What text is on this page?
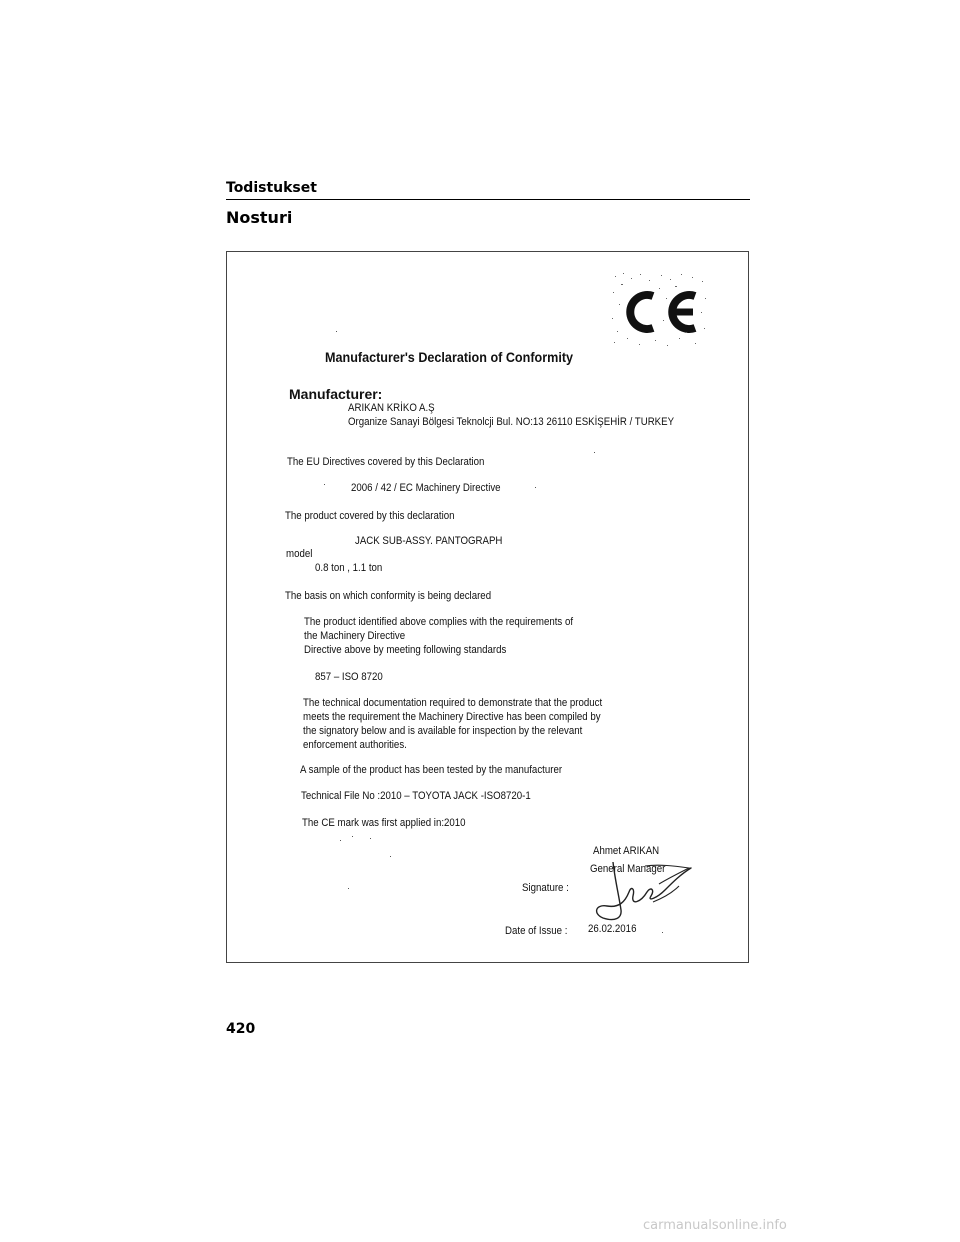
Todistukset
Nosturi
Manufacturer's Declaration of Conformity
Manufacturer:
ARIKAN KRİKO A.Ş
Organize Sanayi Bölgesi Teknolcji Bul. NO:13 26110 ESKİŞEHİR / TURKEY
The EU Directives covered by this Declaration
2006 / 42 / EC Machinery Directive
The product covered by this declaration
JACK SUB-ASSY. PANTOGRAPH
model
0.8 ton , 1.1 ton
The basis on which conformity is being declared
The product identified above complies with the requirements of
the Machinery Directive
Directive above by meeting following standards
857 – ISO 8720
The technical documentation required to demonstrate that the product
meets the requirement the Machinery Directive has been compiled by
the signatory below and is available for inspection by the relevant
enforcement authorities.
A sample of the product has been tested by the manufacturer
Technical File No :2010 – TOYOTA JACK -ISO8720-1
The CE mark was first applied in:2010
Ahmet ARIKAN
General Manager
Signature :
Date of Issue : 26.02.2016
420
carmanualsonline.info
